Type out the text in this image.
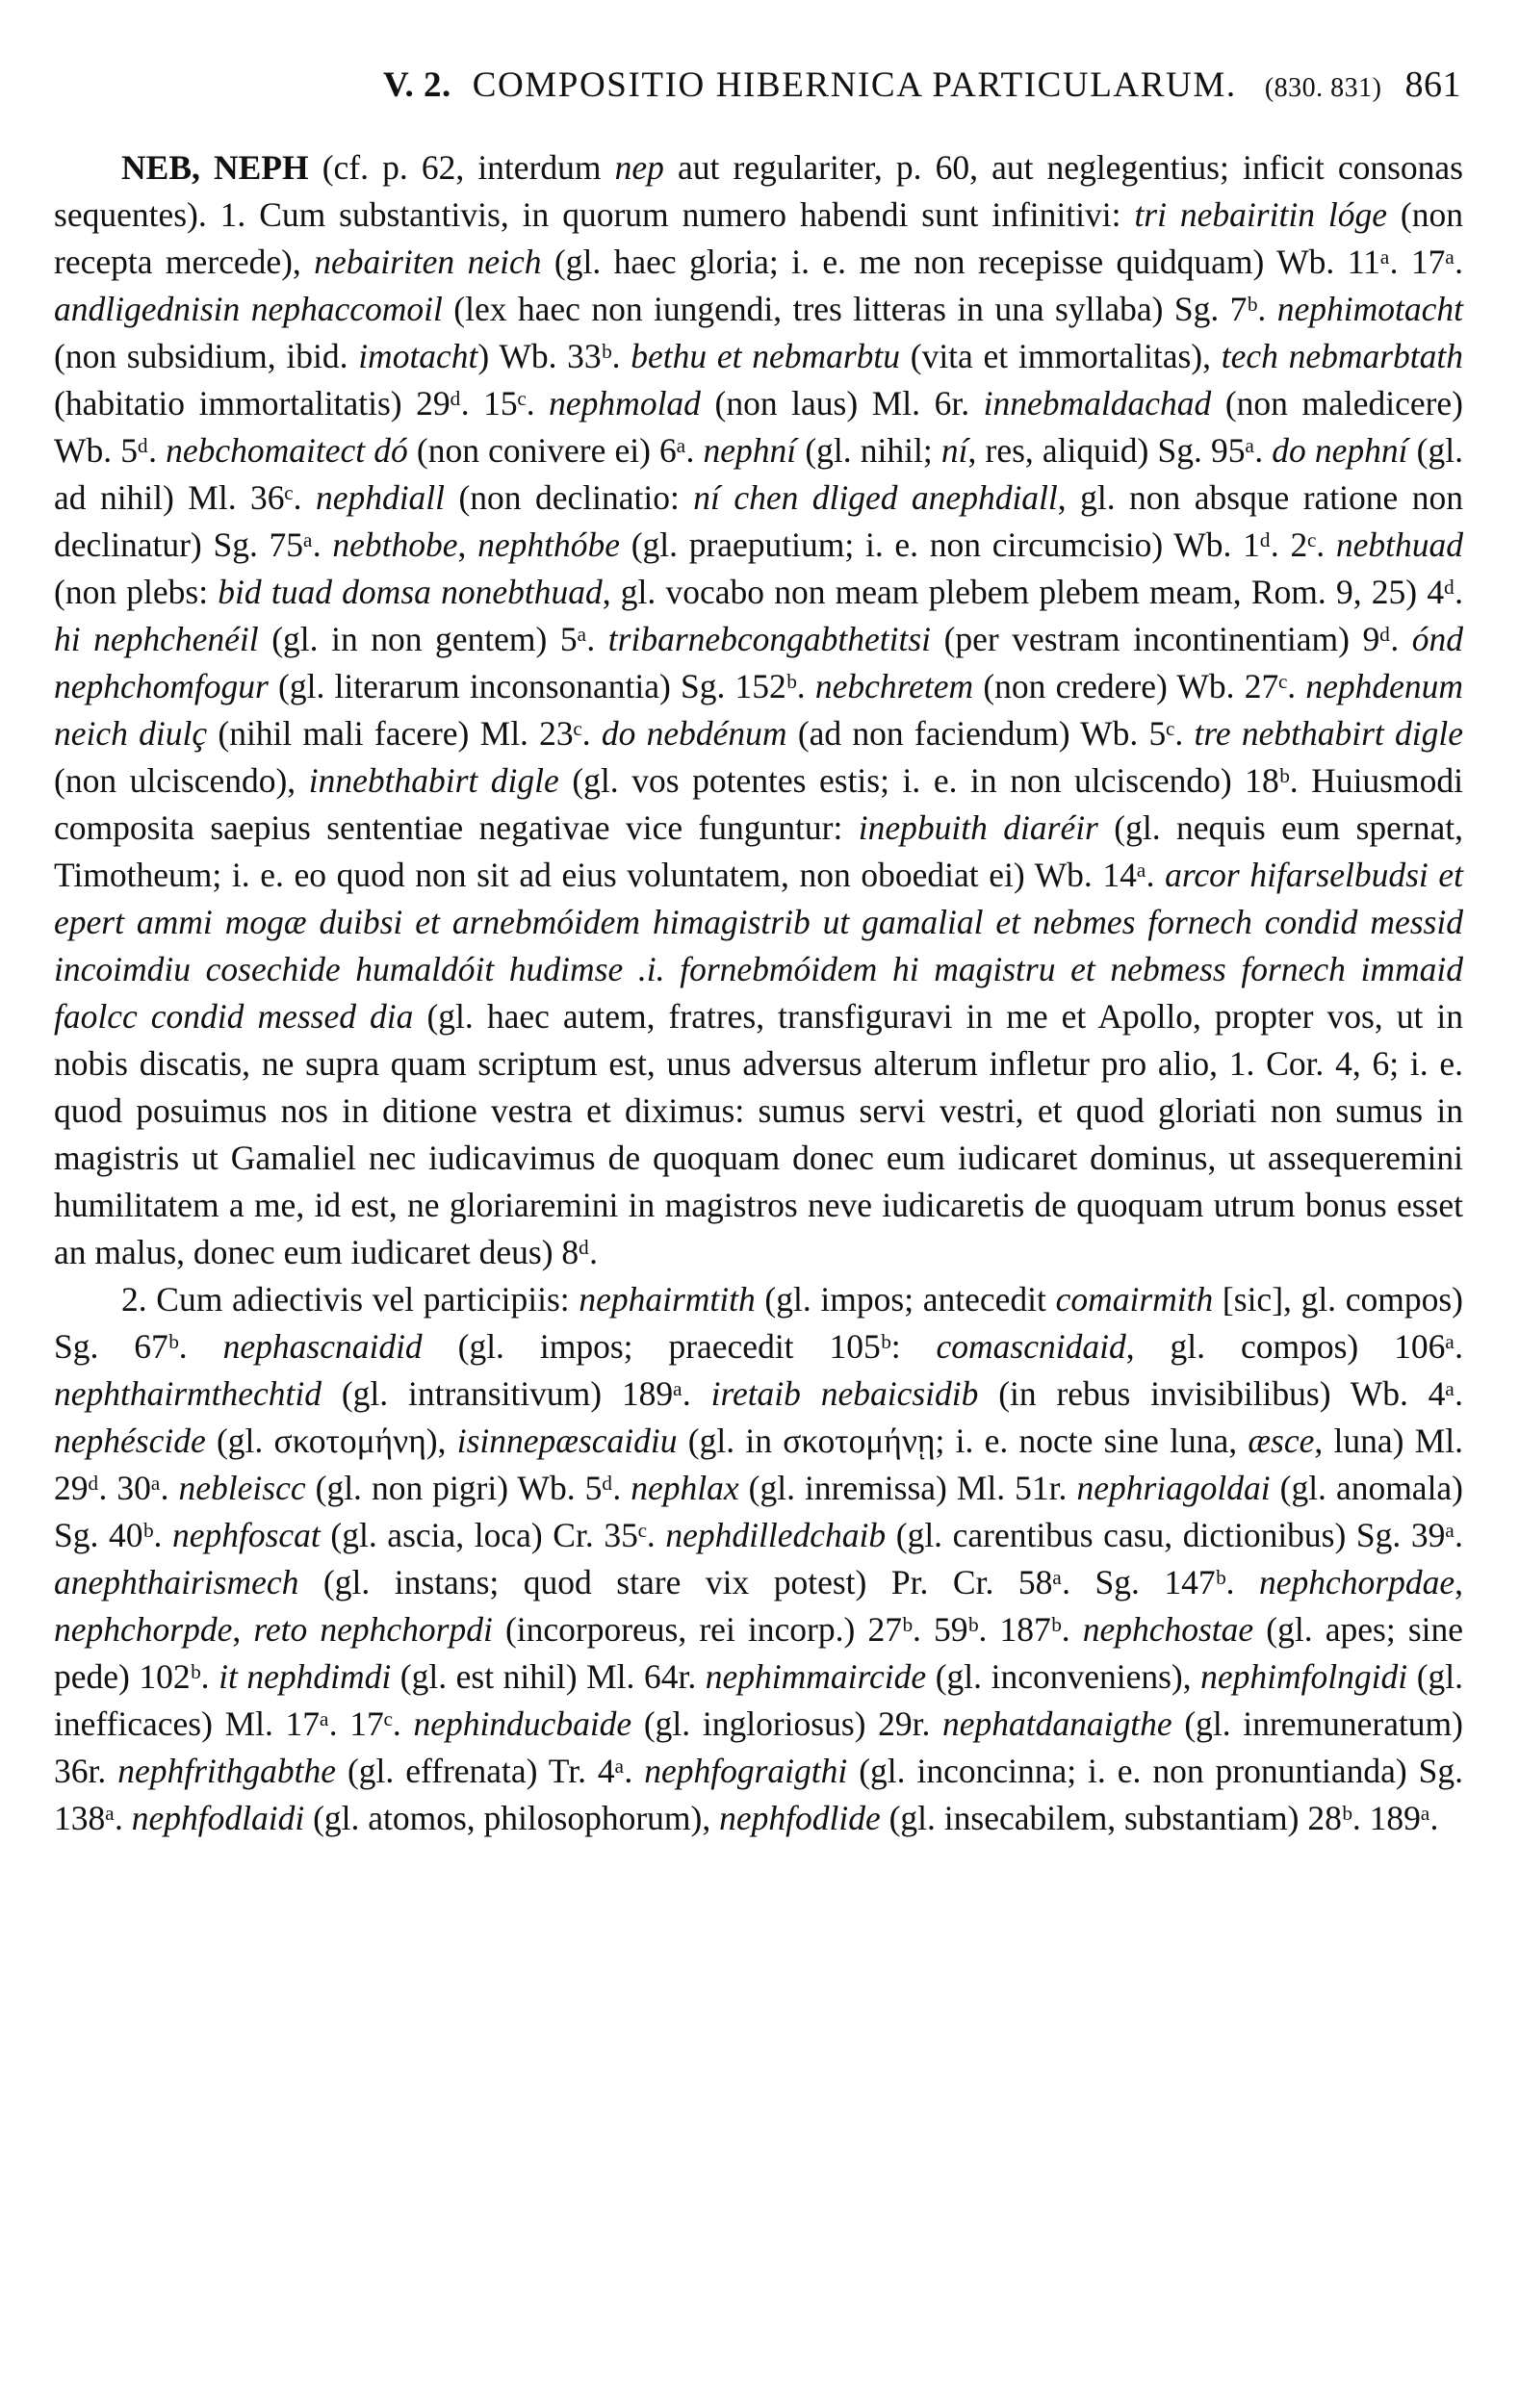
V. 2. COMPOSITIO HIBERNICA PARTICULARUM.	(830. 831) 861

NEB, NEPH (cf. p. 62, interdum nep aut regulariter, p. 60, aut neglegentius; inficit consonas sequentes). 1. Cum substantivis, in quorum numero habendi sunt infinitivi: tri nebairitin lóge (non recepta mercede), nebairiten neich (gl. haec gloria; i. e. me non recepisse quidquam) Wb. 11ᵃ. 17ᵃ. andligednisin nephaccomoil (lex haec non iungendi, tres litteras in una syllaba) Sg. 7ᵇ. nephimotacht (non subsidium, ibid. imotacht) Wb. 33ᵇ. bethu et nebmarbtu (vita et immortalitas), tech nebmarbtath (habitatio immortalitatis) 29ᵈ. 15ᶜ. nephmolad (non laus) Ml. 6r. innebmaldachad (non maledicere) Wb. 5ᵈ. nebchomaitect dó (non conivere ei) 6ᵃ. nephní (gl. nihil; ní, res, aliquid) Sg. 95ᵃ. do nephní (gl. ad nihil) Ml. 36ᶜ. nephdiall (non declinatio: ní chen dliged anephdiall, gl. non absque ratione non declinatur) Sg. 75ᵃ. nebthobe, nephthóbe (gl. praeputium; i. e. non circumcisio) Wb. 1ᵈ. 2ᶜ. nebthuad (non plebs: bid tuad domsa nonebthuad, gl. vocabo non meam plebem plebem meam, Rom. 9, 25) 4ᵈ. hi nephchenéil (gl. in non gentem) 5ᵃ. tribarnebcongabthetitsi (per vestram incontinentiam) 9ᵈ. ónd nephchomfogur (gl. literarum inconsonantia) Sg. 152ᵇ. nebchretem (non credere) Wb. 27ᶜ. nephdenum neich diulç (nihil mali facere) Ml. 23ᶜ. do nebdénum (ad non faciendum) Wb. 5ᶜ. tre nebthabirt digle (non ulciscendo), innebthabirt digle (gl. vos potentes estis; i. e. in non ulciscendo) 18ᵇ. Huiusmodi composita saepius sententiae negativae vice funguntur: inepbuith diaréir (gl. nequis eum spernat, Timotheum; i. e. eo quod non sit ad eius voluntatem, non oboediat ei) Wb. 14ᵃ. arcor hifarselbudsi et epert ammi mogæ duibsi et arnebmóidem himagistrib ut gamalial et nebmes fornech condid messid incoimdiu cosechide humaldóit hudimse .i. fornebmóidem hi magistru et nebmess fornech immaid faolcc condid messed dia (gl. haec autem, fratres, transfiguravi in me et Apollo, propter vos, ut in nobis discatis, ne supra quam scriptum est, unus adversus alterum infletur pro alio, 1. Cor. 4, 6; i. e. quod posuimus nos in ditione vestra et diximus: sumus servi vestri, et quod gloriati non sumus in magistris ut Gamaliel nec iudicavimus de quoquam donec eum iudicaret dominus, ut assequeremini humilitatem a me, id est, ne gloriaremini in magistros neve iudicaretis de quoquam utrum bonus esset an malus, donec eum iudicaret deus) 8ᵈ.

2. Cum adiectivis vel participiis: nephairmtith (gl. impos; antecedit comairmith [sic], gl. compos) Sg. 67ᵇ. nephascnaidid (gl. impos; praecedit 105ᵇ: comascnidaid, gl. compos) 106ᵃ. nephthairmthechtid (gl. intransitivum) 189ᵃ. iretaib nebaicsidib (in rebus invisibilibus) Wb. 4ᵃ. nephéscide (gl. σκοτομήνη), isinnepæscaidiu (gl. in σκοτομήνῃ; i. e. nocte sine luna, æsce, luna) Ml. 29ᵈ. 30ᵃ. nebleiscc (gl. non pigri) Wb. 5ᵈ. nephlax (gl. inremissa) Ml. 51r. nephriagoldai (gl. anomala) Sg. 40ᵇ. nephfoscat (gl. ascia, loca) Cr. 35ᶜ. nephdilledchaib (gl. carentibus casu, dictionibus) Sg. 39ᵃ. anephthairismech (gl. instans; quod stare vix potest) Pr. Cr. 58ᵃ. Sg. 147ᵇ. nephchorpdae, nephchorpde, reto nephchorpdi (incorporeus, rei incorp.) 27ᵇ. 59ᵇ. 187ᵇ. nephchostae (gl. apes; sine pede) 102ᵇ. it nephdimdi (gl. est nihil) Ml. 64r. nephimmaircide (gl. inconveniens), nephimfolngidi (gl. inefficaces) Ml. 17ᵃ. 17ᶜ. nephinducbaide (gl. ingloriosus) 29r. nephatdanaigthe (gl. inremuneratum) 36r. nephfrithgabthe (gl. effrenata) Tr. 4ᵃ. nephfograigthi (gl. inconcinna; i. e. non pronuntianda) Sg. 138ᵃ. nephfodlaidi (gl. atomos, philosophorum), nephfodlide (gl. insecabilem, substantiam) 28ᵇ. 189ᵃ.
